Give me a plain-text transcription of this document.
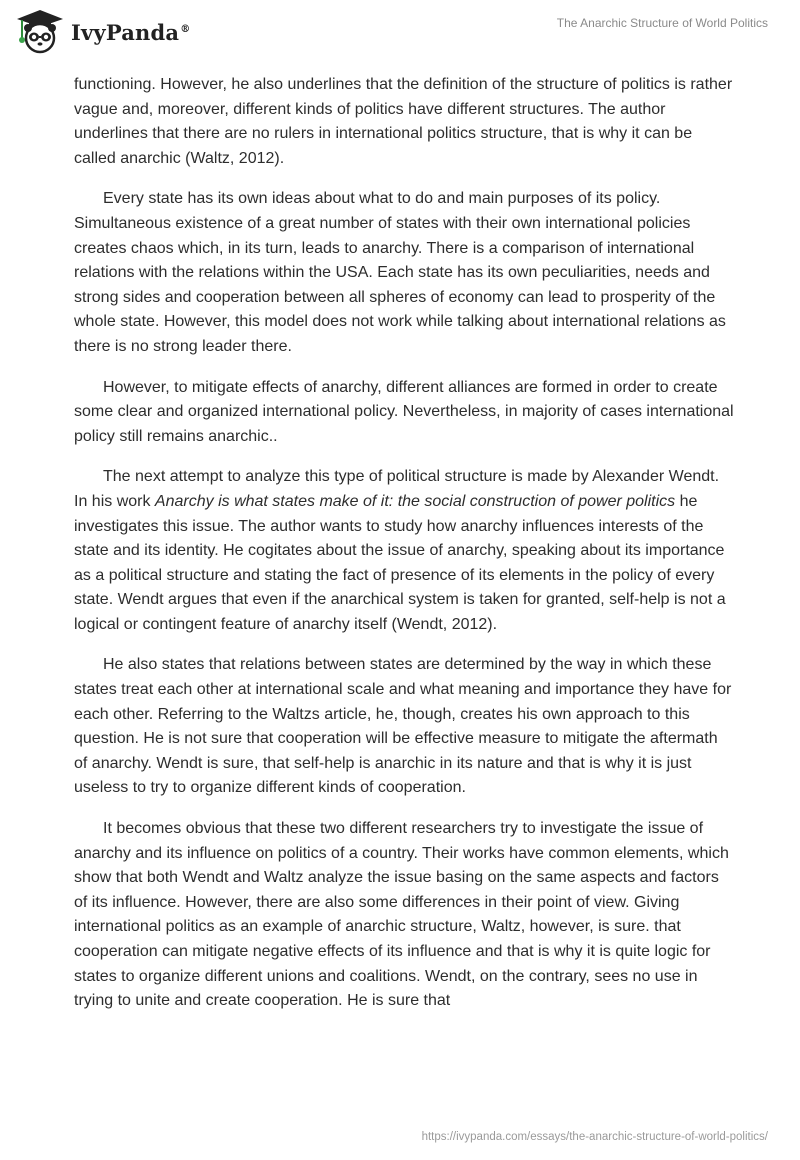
IvyPanda®	The Anarchic Structure of World Politics

functioning. However, he also underlines that the definition of the structure of politics is rather vague and, moreover, different kinds of politics have different structures. The author underlines that there are no rulers in international politics structure, that is why it can be called anarchic (Waltz, 2012).

Every state has its own ideas about what to do and main purposes of its policy. Simultaneous existence of a great number of states with their own international policies creates chaos which, in its turn, leads to anarchy. There is a comparison of international relations with the relations within the USA. Each state has its own peculiarities, needs and strong sides and cooperation between all spheres of economy can lead to prosperity of the whole state. However, this model does not work while talking about international relations as there is no strong leader there.

However, to mitigate effects of anarchy, different alliances are formed in order to create some clear and organized international policy. Nevertheless, in majority of cases international policy still remains anarchic..

The next attempt to analyze this type of political structure is made by Alexander Wendt. In his work Anarchy is what states make of it: the social construction of power politics he investigates this issue. The author wants to study how anarchy influences interests of the state and its identity. He cogitates about the issue of anarchy, speaking about its importance as a political structure and stating the fact of presence of its elements in the policy of every state. Wendt argues that even if the anarchical system is taken for granted, self-help is not a logical or contingent feature of anarchy itself (Wendt, 2012).

He also states that relations between states are determined by the way in which these states treat each other at international scale and what meaning and importance they have for each other. Referring to the Waltzs article, he, though, creates his own approach to this question. He is not sure that cooperation will be effective measure to mitigate the aftermath of anarchy. Wendt is sure, that self-help is anarchic in its nature and that is why it is just useless to try to organize different kinds of cooperation.

It becomes obvious that these two different researchers try to investigate the issue of anarchy and its influence on politics of a country. Their works have common elements, which show that both Wendt and Waltz analyze the issue basing on the same aspects and factors of its influence. However, there are also some differences in their point of view. Giving international politics as an example of anarchic structure, Waltz, however, is sure. that cooperation can mitigate negative effects of its influence and that is why it is quite logic for states to organize different unions and coalitions. Wendt, on the contrary, sees no use in trying to unite and create cooperation. He is sure that

https://ivypanda.com/essays/the-anarchic-structure-of-world-politics/
